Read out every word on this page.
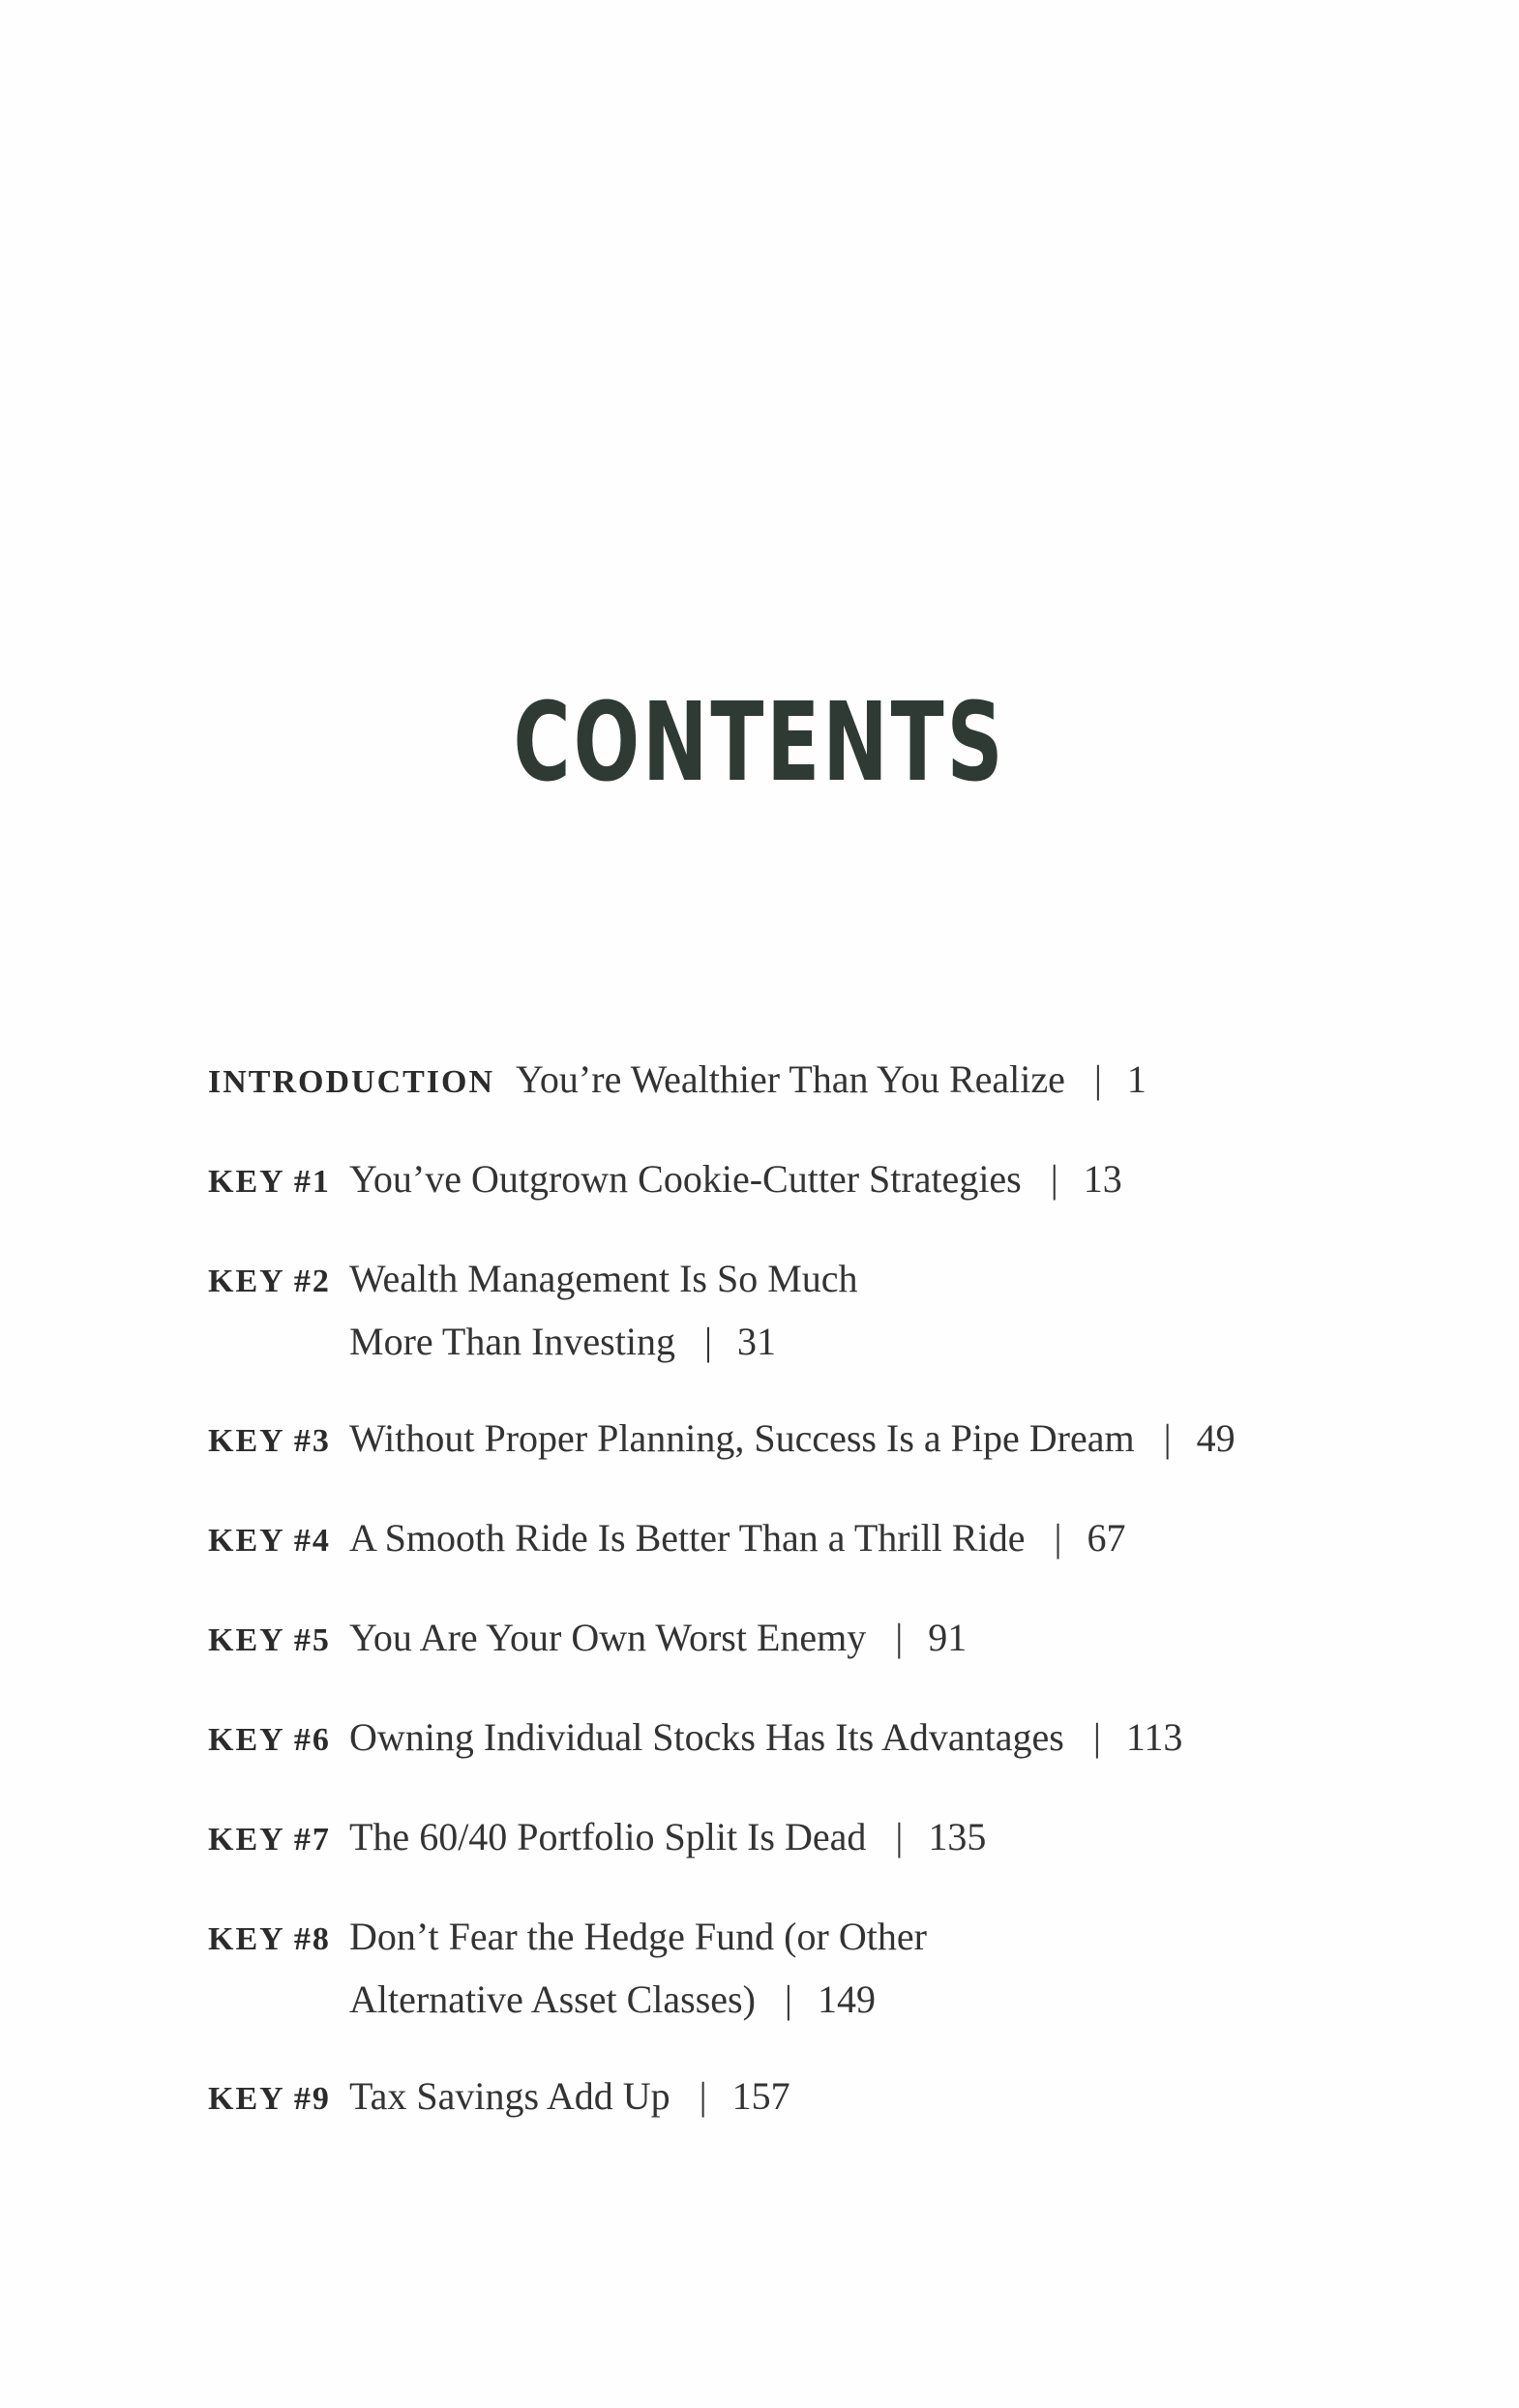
CONTENTS
INTRODUCTION You’re Wealthier Than You Realize | 1
KEY #1 You’ve Outgrown Cookie-Cutter Strategies | 13
KEY #2 Wealth Management Is So Much
More Than Investing | 31
KEY #3 Without Proper Planning, Success Is a Pipe Dream | 49
KEY #4 A Smooth Ride Is Better Than a Thrill Ride | 67
KEY #5 You Are Your Own Worst Enemy | 91
KEY #6 Owning Individual Stocks Has Its Advantages | 113
KEY #7 The 60/40 Portfolio Split Is Dead | 135
KEY #8 Don’t Fear the Hedge Fund (or Other
Alternative Asset Classes) | 149
KEY #9 Tax Savings Add Up | 157
